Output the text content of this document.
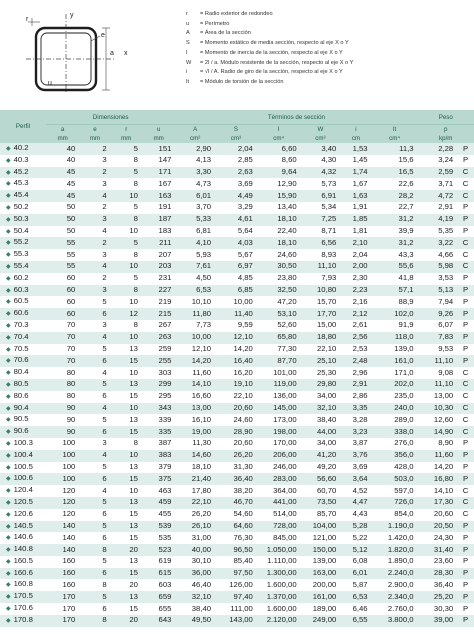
y
r
e
a x
u
r	= Radio exterior de redondeo
u	= Perímetro
A	= Área de la sección
S	= Momento estático de media sección, respecto al eje X o Y
I	= Momento de inercia de la sección, respecto al eje X o Y
W	= 2I / a. Módulo resistente de la sección, respecto al eje X o Y
i	= √I / A. Radio de giro de la sección, respecto al eje X o Y
It	= Módulo de torsión de la sección
Perfil	Dimensiones				Términos de sección						Peso	
	a	e	r	u	A	S	I	W	i	It	p	
	mm	mm	mm	mm	cm²	cm³	cm⁴	cm³	cm	cm⁴	kp/m	
◆ 40.2	40	2	5	151	2,90	2,04	6,60	3,40	1,53	11,3	2,28	P
◆ 40.3	40	3	8	147	4,13	2,85	8,60	4,30	1,45	15,6	3,24	P
◆ 45.2	45	2	5	171	3,30	2,63	9,64	4,32	1,74	16,5	2,59	C
◆ 45.3	45	3	8	167	4,73	3,69	12,90	5,73	1,67	22,6	3,71	C
◆ 45.4	45	4	10	163	6,01	4,49	15,90	6,91	1,63	28,2	4,72	C
◆ 50.2	50	2	5	191	3,70	3,29	13,40	5,34	1,91	22,7	2,91	P
◆ 50.3	50	3	8	187	5,33	4,61	18,10	7,25	1,85	31,2	4,19	P
◆ 50.4	50	4	10	183	6,81	5,64	22,40	8,71	1,81	39,9	5,35	P
◆ 55.2	55	2	5	211	4,10	4,03	18,10	6,56	2,10	31,2	3,22	C
◆ 55.3	55	3	8	207	5,93	5,67	24,60	8,93	2,04	43,3	4,66	C
◆ 55.4	55	4	10	203	7,61	6,97	30,50	11,10	2,00	55,6	5,98	C
◆ 60.2	60	2	5	231	4,50	4,85	23,80	7,93	2,30	41,8	3,53	P
◆ 60.3	60	3	8	227	6,53	6,85	32,50	10,80	2,23	57,1	5,13	P
◆ 60.5	60	5	10	219	10,10	10,00	47,20	15,70	2,16	88,9	7,94	P
◆ 60.6	60	6	12	215	11,80	11,40	53,10	17,70	2,12	102,0	9,26	P
◆ 70.3	70	3	8	267	7,73	9,59	52,60	15,00	2,61	91,9	6,07	P
◆ 70.4	70	4	10	263	10,00	12,10	65,80	18,80	2,56	118,0	7,83	P
◆ 70.5	70	5	13	259	12,10	14,20	77,30	22,10	2,53	139,0	9,53	P
◆ 70.6	70	6	15	255	14,20	16,40	87,70	25,10	2,48	161,0	11,10	P
◆ 80.4	80	4	10	303	11,60	16,20	101,00	25,30	2,96	171,0	9,08	C
◆ 80.5	80	5	13	299	14,10	19,10	119,00	29,80	2,91	202,0	11,10	C
◆ 80.6	80	6	15	295	16,60	22,10	136,00	34,00	2,86	235,0	13,00	C
◆ 90.4	90	4	10	343	13,00	20,60	145,00	32,10	3,35	240,0	10,30	C
◆ 90.5	90	5	13	339	16,10	24,60	173,00	38,40	3,28	289,0	12,60	C
◆ 90.6	90	6	15	335	19,00	28,90	198,00	44,00	3,23	338,0	14,90	C
◆ 100.3	100	3	8	387	11,30	20,60	170,00	34,00	3,87	276,0	8,90	P
◆ 100.4	100	4	10	383	14,60	26,20	206,00	41,20	3,76	356,0	11,60	P
◆ 100.5	100	5	13	379	18,10	31,30	246,00	49,20	3,69	428,0	14,20	P
◆ 100.6	100	6	15	375	21,40	36,40	283,00	56,60	3,64	503,0	16,80	P
◆ 120.4	120	4	10	463	17,80	38,20	364,00	60,70	4,52	597,0	14,10	C
◆ 120.5	120	5	13	459	22,10	46,70	441,00	73,50	4,47	726,0	17,30	C
◆ 120.6	120	6	15	455	26,20	54,60	514,00	85,70	4,43	854,0	20,60	C
◆ 140.5	140	5	13	539	26,10	64,60	728,00	104,00	5,28	1.190,0	20,50	P
◆ 140.6	140	6	15	535	31,00	76,30	845,00	121,00	5,22	1.420,0	24,30	P
◆ 140.8	140	8	20	523	40,00	96,50	1.050,00	150,00	5,12	1.820,0	31,40	P
◆ 160.5	160	5	13	619	30,10	85,40	1.110,00	139,00	6,08	1.890,0	23,60	P
◆ 160.6	160	6	15	615	36,00	97,50	1.300,00	163,00	6,01	2.240,0	28,30	P
◆ 160.8	160	8	20	603	46,40	126,00	1.600,00	200,00	5,87	2.900,0	36,40	P
◆ 170.5	170	5	13	659	32,10	97,40	1.370,00	161,00	6,53	2.340,0	25,20	P
◆ 170.6	170	6	15	655	38,40	111,00	1.600,00	189,00	6,46	2.760,0	30,30	P
◆ 170.8	170	8	20	643	49,50	143,00	2.120,00	249,00	6,55	3.800,0	39,00	P
